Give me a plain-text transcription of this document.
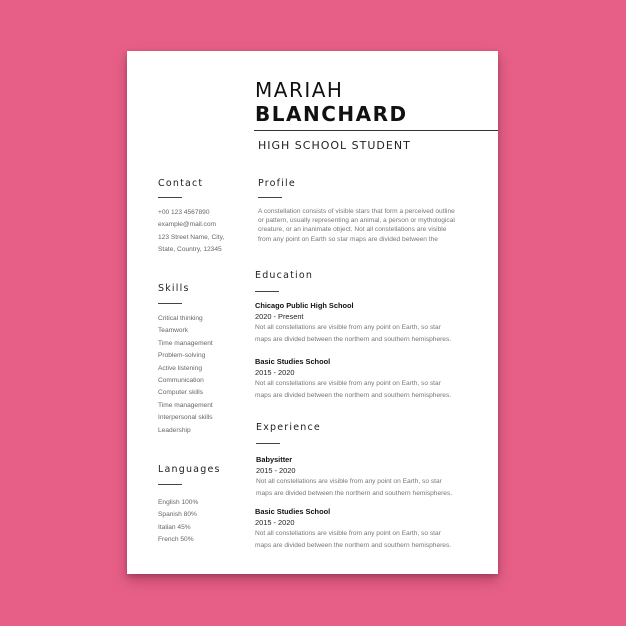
MARIAH
BLANCHARD
HIGH SCHOOL STUDENT
Contact
+00 123 4567890
example@mail.com
123 Street Name, City,
State, Country, 12345
Skills
Critical thinking
Teamwork
Time management
Problem-solving
Active listening
Communication
Computer skills
Time management
Interpersonal skills
Leadership
Languages
English 100%
Spanish 80%
Italian 45%
French 50%
Profile
A constellation consists of visible stars that form a perceived outline
or pattern, usually representing an animal, a person or mythological
creature, or an inanimate object. Not all constellations are visible
from any point on Earth so star maps are divided between the
Education
Chicago Public High School
2020 - Present
Not all constellations are visible from any point on Earth, so star
maps are divided between the northern and southern hemispheres.
Basic Studies School
2015 - 2020
Not all constellations are visible from any point on Earth, so star
maps are divided between the northern and southern hemispheres.
Experience
Babysitter
2015 - 2020
Not all constellations are visible from any point on Earth, so star
maps are divided between the northern and southern hemispheres.
Basic Studies School
2015 - 2020
Not all constellations are visible from any point on Earth, so star
maps are divided between the northern and southern hemispheres.
